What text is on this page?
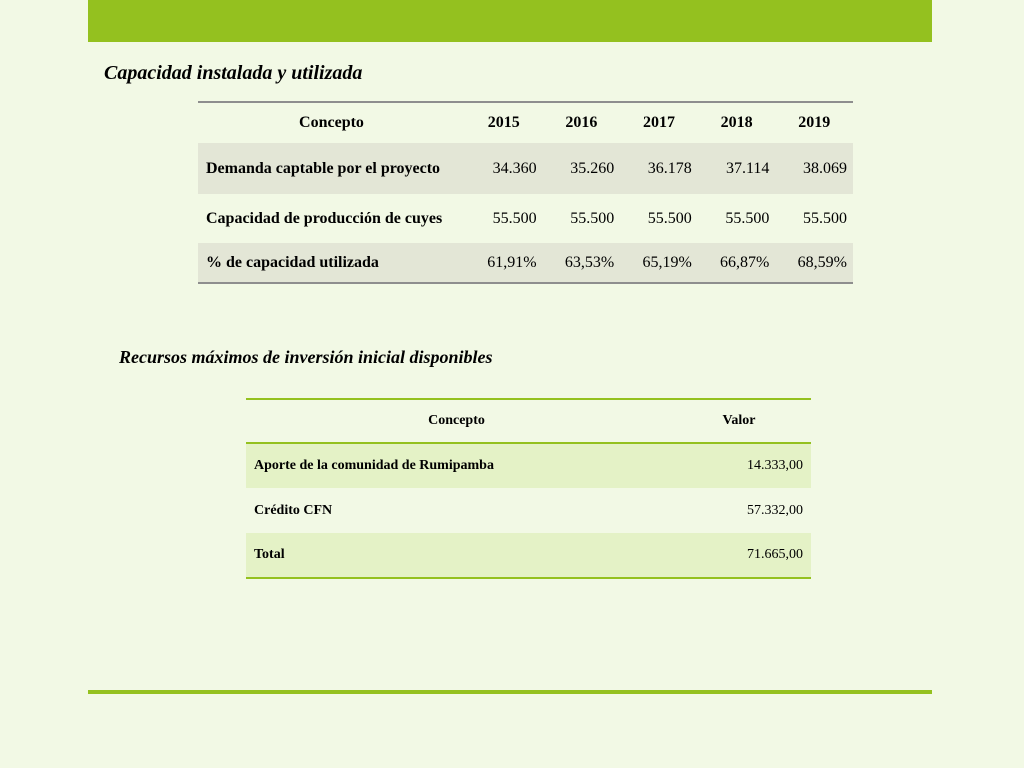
Capacidad instalada y utilizada
Concepto	2015	2016	2017	2018	2019
Demanda captable por el proyecto	34.360	35.260	36.178	37.114	38.069
Capacidad de producción de cuyes	55.500	55.500	55.500	55.500	55.500
% de capacidad utilizada	61,91%	63,53%	65,19%	66,87%	68,59%
Recursos máximos de inversión inicial disponibles
Concepto	Valor
Aporte de la comunidad de Rumipamba	14.333,00
Crédito CFN	57.332,00
Total	71.665,00
